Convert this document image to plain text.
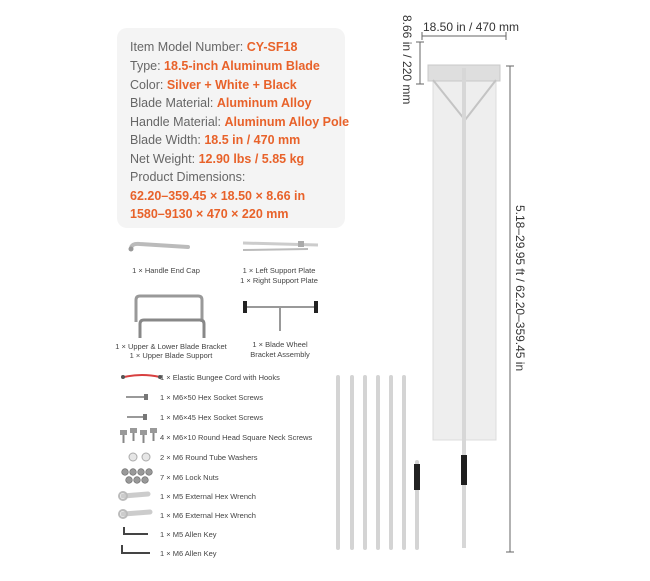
Item Model Number: CY-SF18
Type: 18.5-inch Aluminum Blade
Color: Silver + White + Black
Blade Material: Aluminum Alloy
Handle Material: Aluminum Alloy Pole
Blade Width: 18.5 in / 470 mm
Net Weight: 12.90 lbs / 5.85 kg
Product Dimensions:
62.20–359.45 × 18.50 × 8.66 in
1580–9130 × 470 × 220 mm
1 × Handle End Cap	1 × Left Support Plate
1 × Right Support Plate
1 × Upper & Lower Blade Bracket
1 × Upper Blade Support
1 × Blade Wheel
Bracket Assembly
1 × Elastic Bungee Cord with Hooks
1 × M6×50 Hex Socket Screws
1 × M6×45 Hex Socket Screws
4 × M6×10 Round Head Square Neck Screws
2 × M6 Round Tube Washers
7 × M6 Lock Nuts
1 × M5 External Hex Wrench
1 × M6 External Hex Wrench
1 × M5 Allen Key
1 × M6 Allen Key
18.50 in / 470 mm
8.66 in / 220 mm
5.18–29.95 ft / 62.20–359.45 in
